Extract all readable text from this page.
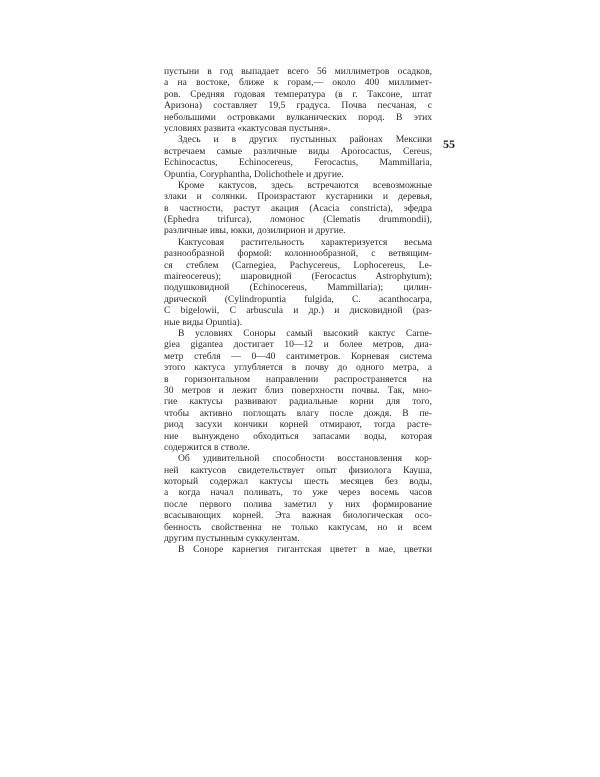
55
пустыни в год выпадает всего 56 миллиметров осадков,
а на востоке, ближе к горам,— около 400 миллимет-
ров. Средняя годовая температура (в г. Таксоне, штат
Аризона) составляет 19,5 градуса. Почва песчаная, с
небольшими островками вулканических пород. В этих
условиях развита «кактусовая пустыня».
Здесь и в других пустынных районах Мексики
встречаем самые различные виды Aporocactus, Cereus,
Echinocactus, Echinocereus, Ferocactus, Mammillaria,
Opuntia, Coryphantha, Dolichothele и другие.
Кроме кактусов, здесь встречаются всевозможные
злаки и солянки. Произрастают кустарники и деревья,
в частности, растут акация (Acacia constricta), эфедра
(Ephedra trifurca), ломонос (Clematis drummondii),
различные ивы, юкки, дозилирион и другие.
Кактусовая растительность характеризуется весьма
разнообразной формой: колоннообразной, с ветвящим-
ся стеблем (Carnegiea, Pachycereus, Lophocereus, Le-
maireocereus); шаровидной (Ferocactus Astrophytum);
подушковидной (Echinocereus, Mammillaria); цилин-
дрической (Cylindropuntia fulgida, C. acanthocarpa,
C bigelowii, C arbuscula и др.) и дисковидной (раз-
ные виды Opuntia).
В условиях Соноры самый высокий кактус Carne-
giea gigantea достигает 10—12 и более метров, диа-
метр стебля — 0—40 сантиметров. Корневая система
этого кактуса углубляется в почву до одного метра, а
в горизонтальном направлении распространяется на
30 метров и лежит близ поверхности почвы. Так, мно-
гие кактусы развивают радиальные корни для того,
чтобы активно поглощать влагу после дождя. В пе-
риод засухи кончики корней отмирают, тогда расте-
ние вынуждено обходиться запасами воды, которая
содержится в стволе.
Об удивительной способности восстановления кор-
ней кактусов свидетельствует опыт физиолога Кауша,
который содержал кактусы шесть месяцев без воды,
а когда начал поливать, то уже через восемь часов
после первого полива заметил у них формирование
всасывающих корней. Эта важная биологическая осо-
бенность свойственна не только кактусам, но и всем
другим пустынным суккулентам.
В Соноре карнегия гигантская цветет в мае, цветки
